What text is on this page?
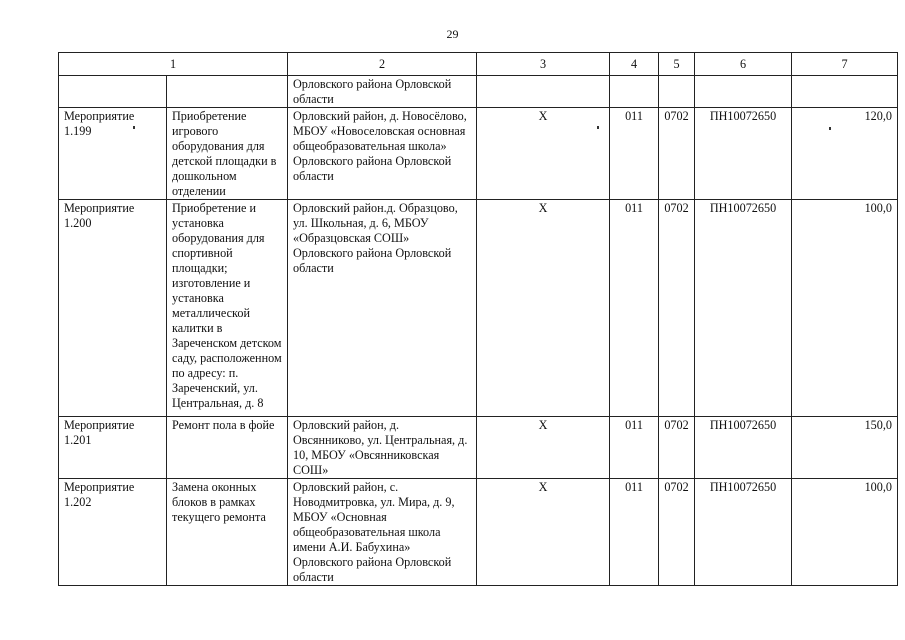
29
1		2	3	4	5	6	7
		Орловского района Орловской области					
Мероприятие 1.199	Приобретение игрового оборудования для детской площадки в дошкольном отделении	Орловский район, д. Новосёлово, МБОУ «Новоселовская основная общеобразовательная школа» Орловского района Орловской области	X	011	0702	ПН10072650	120,0
Мероприятие 1.200	Приобретение и установка оборудования для спортивной площадки; изготовление и установка металлической калитки в Зареченском детском саду, расположенном по адресу: п. Зареченский, ул. Центральная, д. 8	Орловский район.д. Образцово, ул. Школьная, д. 6, МБОУ «Образцовская СОШ» Орловского района Орловской области	X	011	0702	ПН10072650	100,0
Мероприятие 1.201	Ремонт пола в фойе	Орловский район, д. Овсянниково, ул. Центральная, д. 10, МБОУ «Овсянниковская СОШ»	X	011	0702	ПН10072650	150,0
Мероприятие 1.202	Замена оконных блоков в рамках текущего ремонта	Орловский район, с. Новодмитровка, ул. Мира, д. 9, МБОУ «Основная общеобразовательная школа имени А.И. Бабухина» Орловского района Орловской области	X	011	0702	ПН10072650	100,0
